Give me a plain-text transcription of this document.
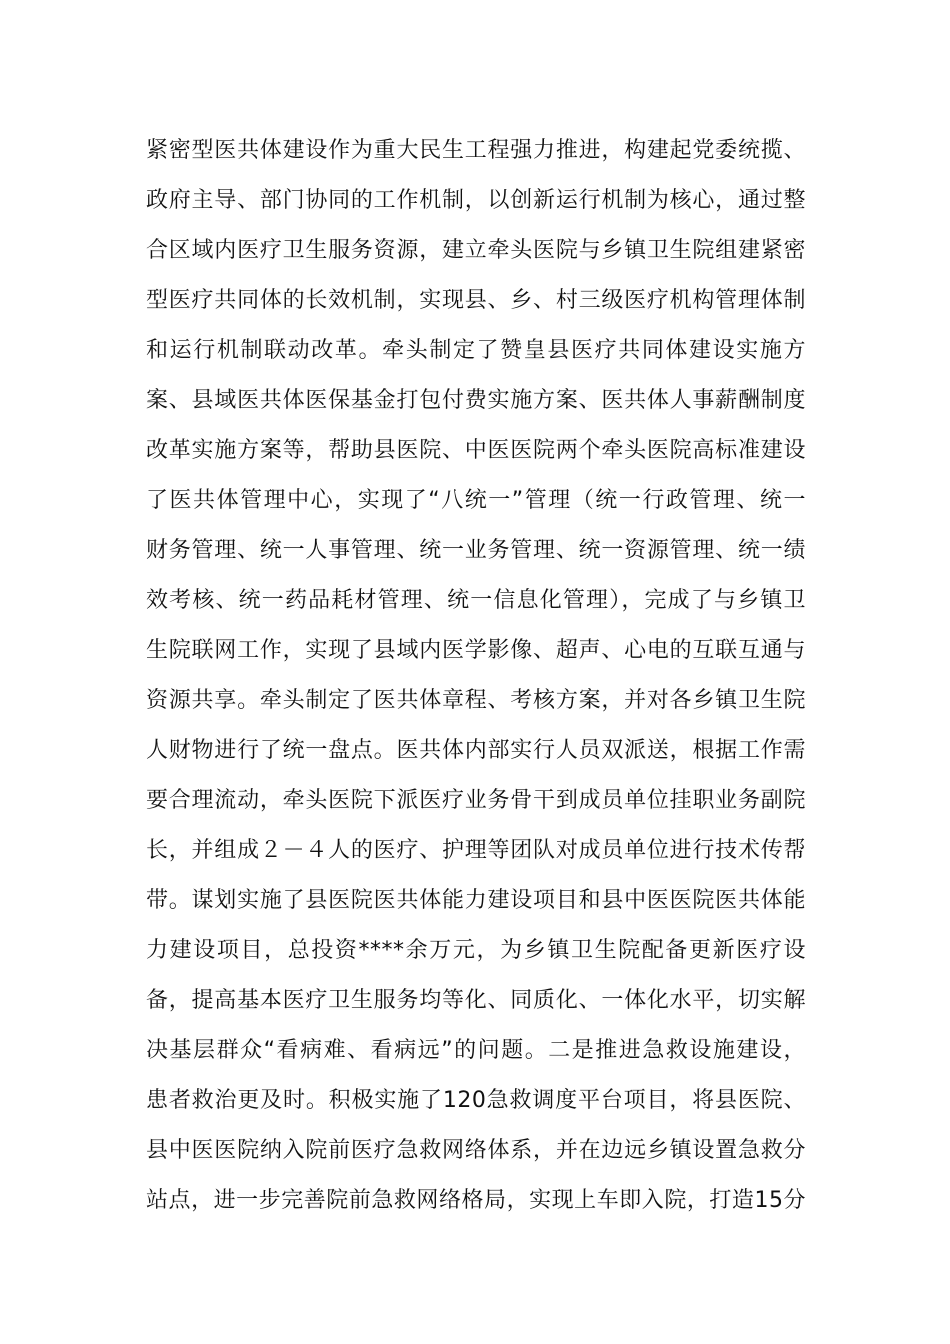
紧密型医共体建设作为重大民生工程强力推进，构建起党委统揽、
政府主导、部门协同的工作机制，以创新运行机制为核心，通过整
合区域内医疗卫生服务资源，建立牵头医院与乡镇卫生院组建紧密
型医疗共同体的长效机制，实现县、乡、村三级医疗机构管理体制
和运行机制联动改革。牵头制定了赞皇县医疗共同体建设实施方
案、县域医共体医保基金打包付费实施方案、医共体人事薪酬制度
改革实施方案等，帮助县医院、中医医院两个牵头医院高标准建设
了医共体管理中心，实现了“八统一”管理（统一行政管理、统一
财务管理、统一人事管理、统一业务管理、统一资源管理、统一绩
效考核、统一药品耗材管理、统一信息化管理），完成了与乡镇卫
生院联网工作，实现了县域内医学影像、超声、心电的互联互通与
资源共享。牵头制定了医共体章程、考核方案，并对各乡镇卫生院
人财物进行了统一盘点。医共体内部实行人员双派送，根据工作需
要合理流动，牵头医院下派医疗业务骨干到成员单位挂职业务副院
长，并组成２－４人的医疗、护理等团队对成员单位进行技术传帮
带。谋划实施了县医院医共体能力建设项目和县中医医院医共体能
力建设项目，总投资****余万元，为乡镇卫生院配备更新医疗设
备，提高基本医疗卫生服务均等化、同质化、一体化水平，切实解
决基层群众“看病难、看病远”的问题。二是推进急救设施建设，
患者救治更及时。积极实施了120急救调度平台项目，将县医院、
县中医医院纳入院前医疗急救网络体系，并在边远乡镇设置急救分
站点，进一步完善院前急救网络格局，实现上车即入院，打造15分
